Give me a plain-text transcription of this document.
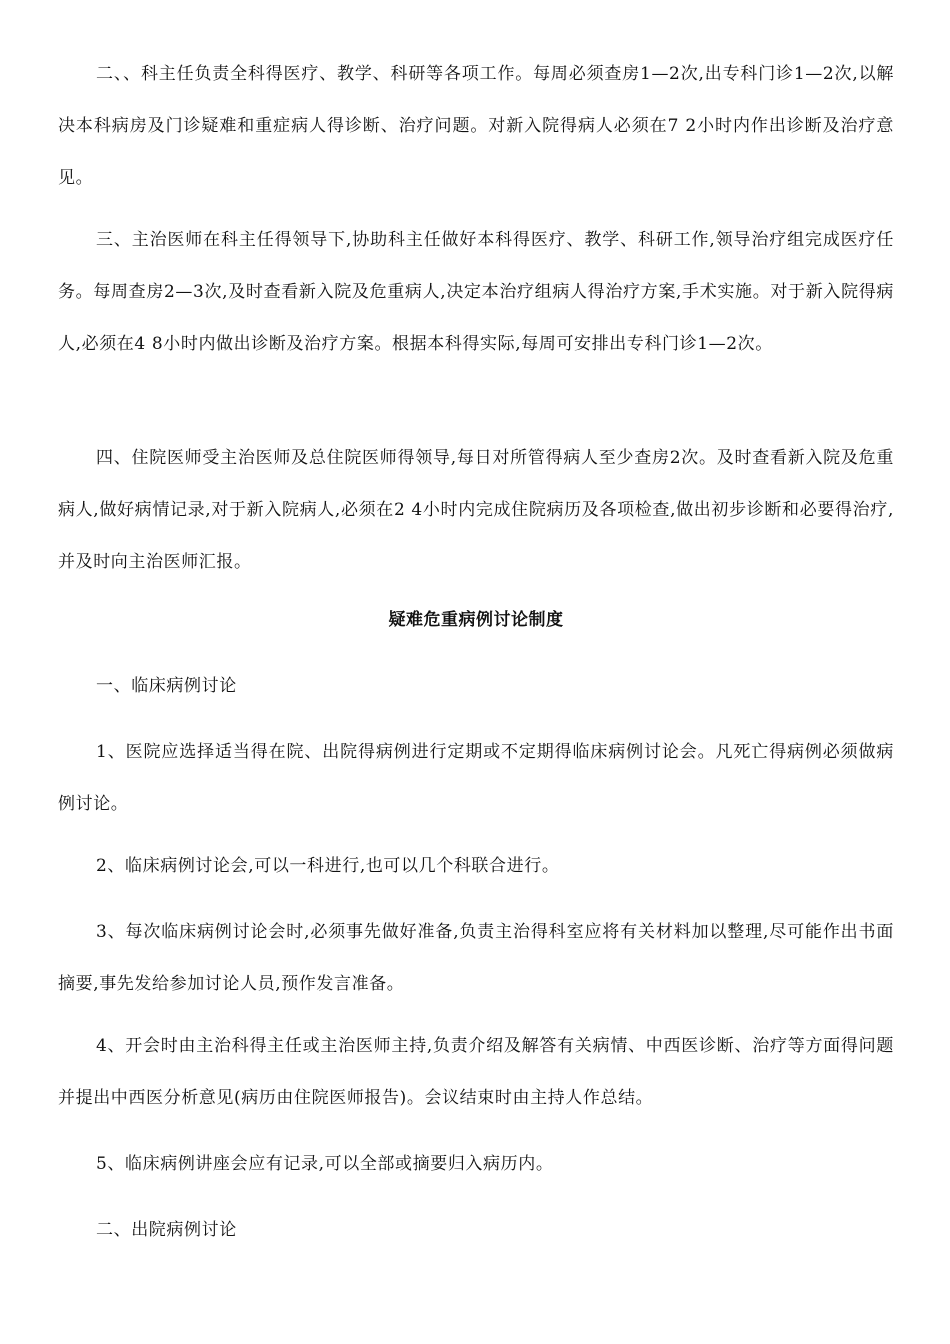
二、、科主任负责全科得医疗、教学、科研等各项工作。每周必须查房1—2次,出专科门诊1—2次,以解决本科病房及门诊疑难和重症病人得诊断、治疗问题。对新入院得病人必须在7 2小时内作出诊断及治疗意见。

三、主治医师在科主任得领导下,协助科主任做好本科得医疗、教学、科研工作,领导治疗组完成医疗任务。每周查房2—3次,及时查看新入院及危重病人,决定本治疗组病人得治疗方案,手术实施。对于新入院得病人,必须在4 8小时内做出诊断及治疗方案。根据本科得实际,每周可安排出专科门诊1—2次。

四、住院医师受主治医师及总住院医师得领导,每日对所管得病人至少查房2次。及时查看新入院及危重病人,做好病情记录,对于新入院病人,必须在2 4小时内完成住院病历及各项检查,做出初步诊断和必要得治疗,并及时向主治医师汇报。

疑难危重病例讨论制度

一、临床病例讨论

1、医院应选择适当得在院、出院得病例进行定期或不定期得临床病例讨论会。凡死亡得病例必须做病例讨论。

2、临床病例讨论会,可以一科进行,也可以几个科联合进行。

3、每次临床病例讨论会时,必须事先做好准备,负责主治得科室应将有关材料加以整理,尽可能作出书面摘要,事先发给参加讨论人员,预作发言准备。

4、开会时由主治科得主任或主治医师主持,负责介绍及解答有关病情、中西医诊断、治疗等方面得问题并提出中西医分析意见(病历由住院医师报告)。会议结束时由主持人作总结。

5、临床病例讲座会应有记录,可以全部或摘要归入病历内。

二、出院病例讨论
